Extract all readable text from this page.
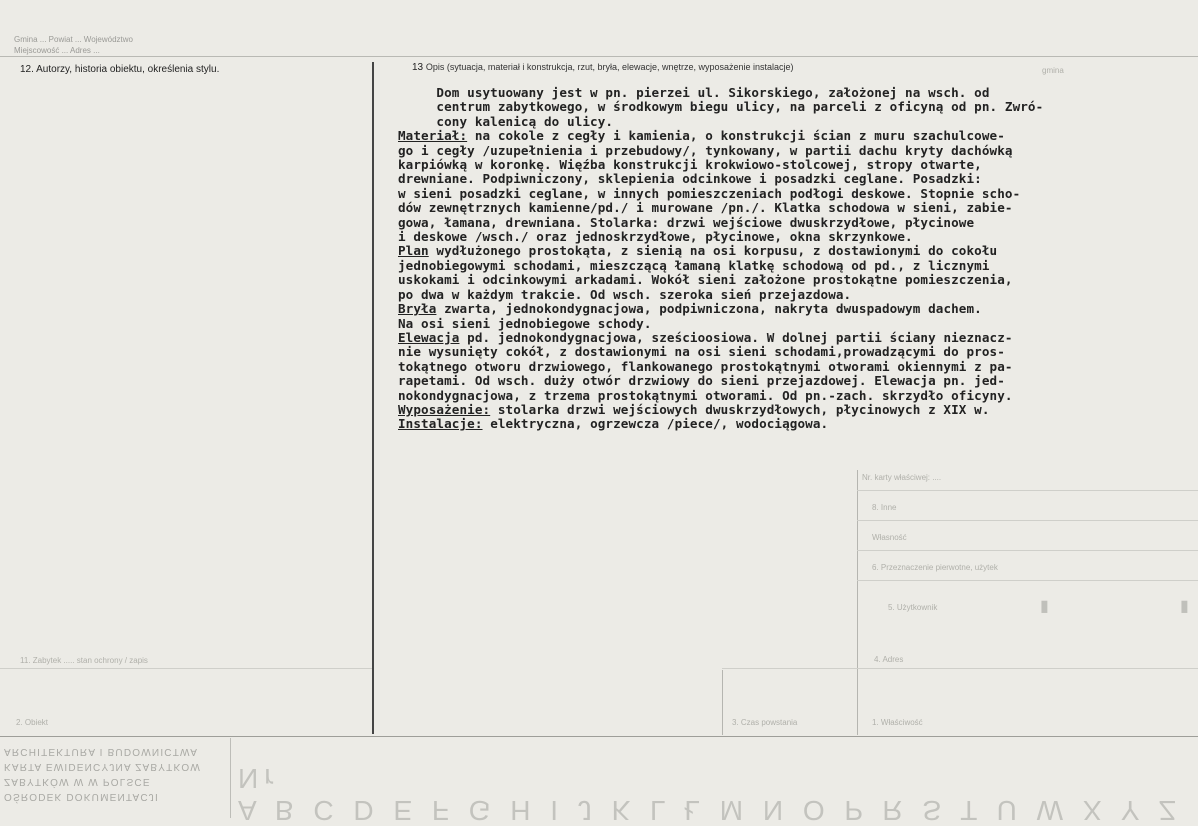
Gmina ... Powiat ... Województwo
Miejscowość ... Adres ...
12. Autorzy, historia obiektu, określenia stylu.	13 Opis (sytuacja, materiał i konstrukcja, rzut, bryła, elewacje, wnętrze, wyposażenie instalacje)	gmina
Nr. karty właściwej: ....
8. Inne
Własność
6. Przeznaczenie pierwotne, użytek
5. Użytkownik
4. Adres
11. Zabytek ..... stan ochrony / zapis
2. Obiekt	3. Czas powstania	1. Właściwość
▮	▮
Dom usytuowany jest w pn. pierzei ul. Sikorskiego, założonej na wsch. od
centrum zabytkowego, w środkowym biegu ulicy, na parceli z oficyną od pn. Zwró-
cony kalenicą do ulicy.
Materiał: na cokole z cegły i kamienia, o konstrukcji ścian z muru szachulcowe-
go i cegły /uzupełnienia i przebudowy/, tynkowany, w partii dachu kryty dachówką
karpiówką w koronkę. Więźba konstrukcji krokwiowo-stolcowej, stropy otwarte,
drewniane. Podpiwniczony, sklepienia odcinkowe i posadzki ceglane. Posadzki:
w sieni posadzki ceglane, w innych pomieszczeniach podłogi deskowe. Stopnie scho-
dów zewnętrznych kamienne/pd./ i murowane /pn./. Klatka schodowa w sieni, zabie-
gowa, łamana, drewniana. Stolarka: drzwi wejściowe dwuskrzydłowe, płycinowe
i deskowe /wsch./ oraz jednoskrzydłowe, płycinowe, okna skrzynkowe.
Plan wydłużonego prostokąta, z sienią na osi korpusu, z dostawionymi do cokołu
jednobiegowymi schodami, mieszczącą łamaną klatkę schodową od pd., z licznymi
uskokami i odcinkowymi arkadami. Wokół sieni założone prostokątne pomieszczenia,
po dwa w każdym trakcie. Od wsch. szeroka sień przejazdowa.
Bryła zwarta, jednokondygnacjowa, podpiwniczona, nakryta dwuspadowym dachem.
Na osi sieni jednobiegowe schody.
Elewacja pd. jednokondygnacjowa, sześcioosiowa. W dolnej partii ściany nieznacz-
nie wysunięty cokół, z dostawionymi na osi sieni schodami,prowadzącymi do pros-
tokątnego otworu drzwiowego, flankowanego prostokątnymi otworami okiennymi z pa-
rapetami. Od wsch. duży otwór drzwiowy do sieni przejazdowej. Elewacja pn. jed-
nokondygnacjowa, z trzema prostokątnymi otworami. Od pn.-zach. skrzydło oficyny.
Wyposażenie: stolarka drzwi wejściowych dwuskrzydłowych, płycinowych z XIX w.
Instalacje: elektryczna, ogrzewcza /piece/, wodociągowa.
OŚRODEK DOKUMENTACJI
ZABYTKÓW W W POLSCE
KARTA EWIDENCYJNA ZABYTKOW
ARCHITEKTURA I BUDOWNICTWA
A B C D E F G H I J K L Ł M N O P R S T U W X Y Z Nr
